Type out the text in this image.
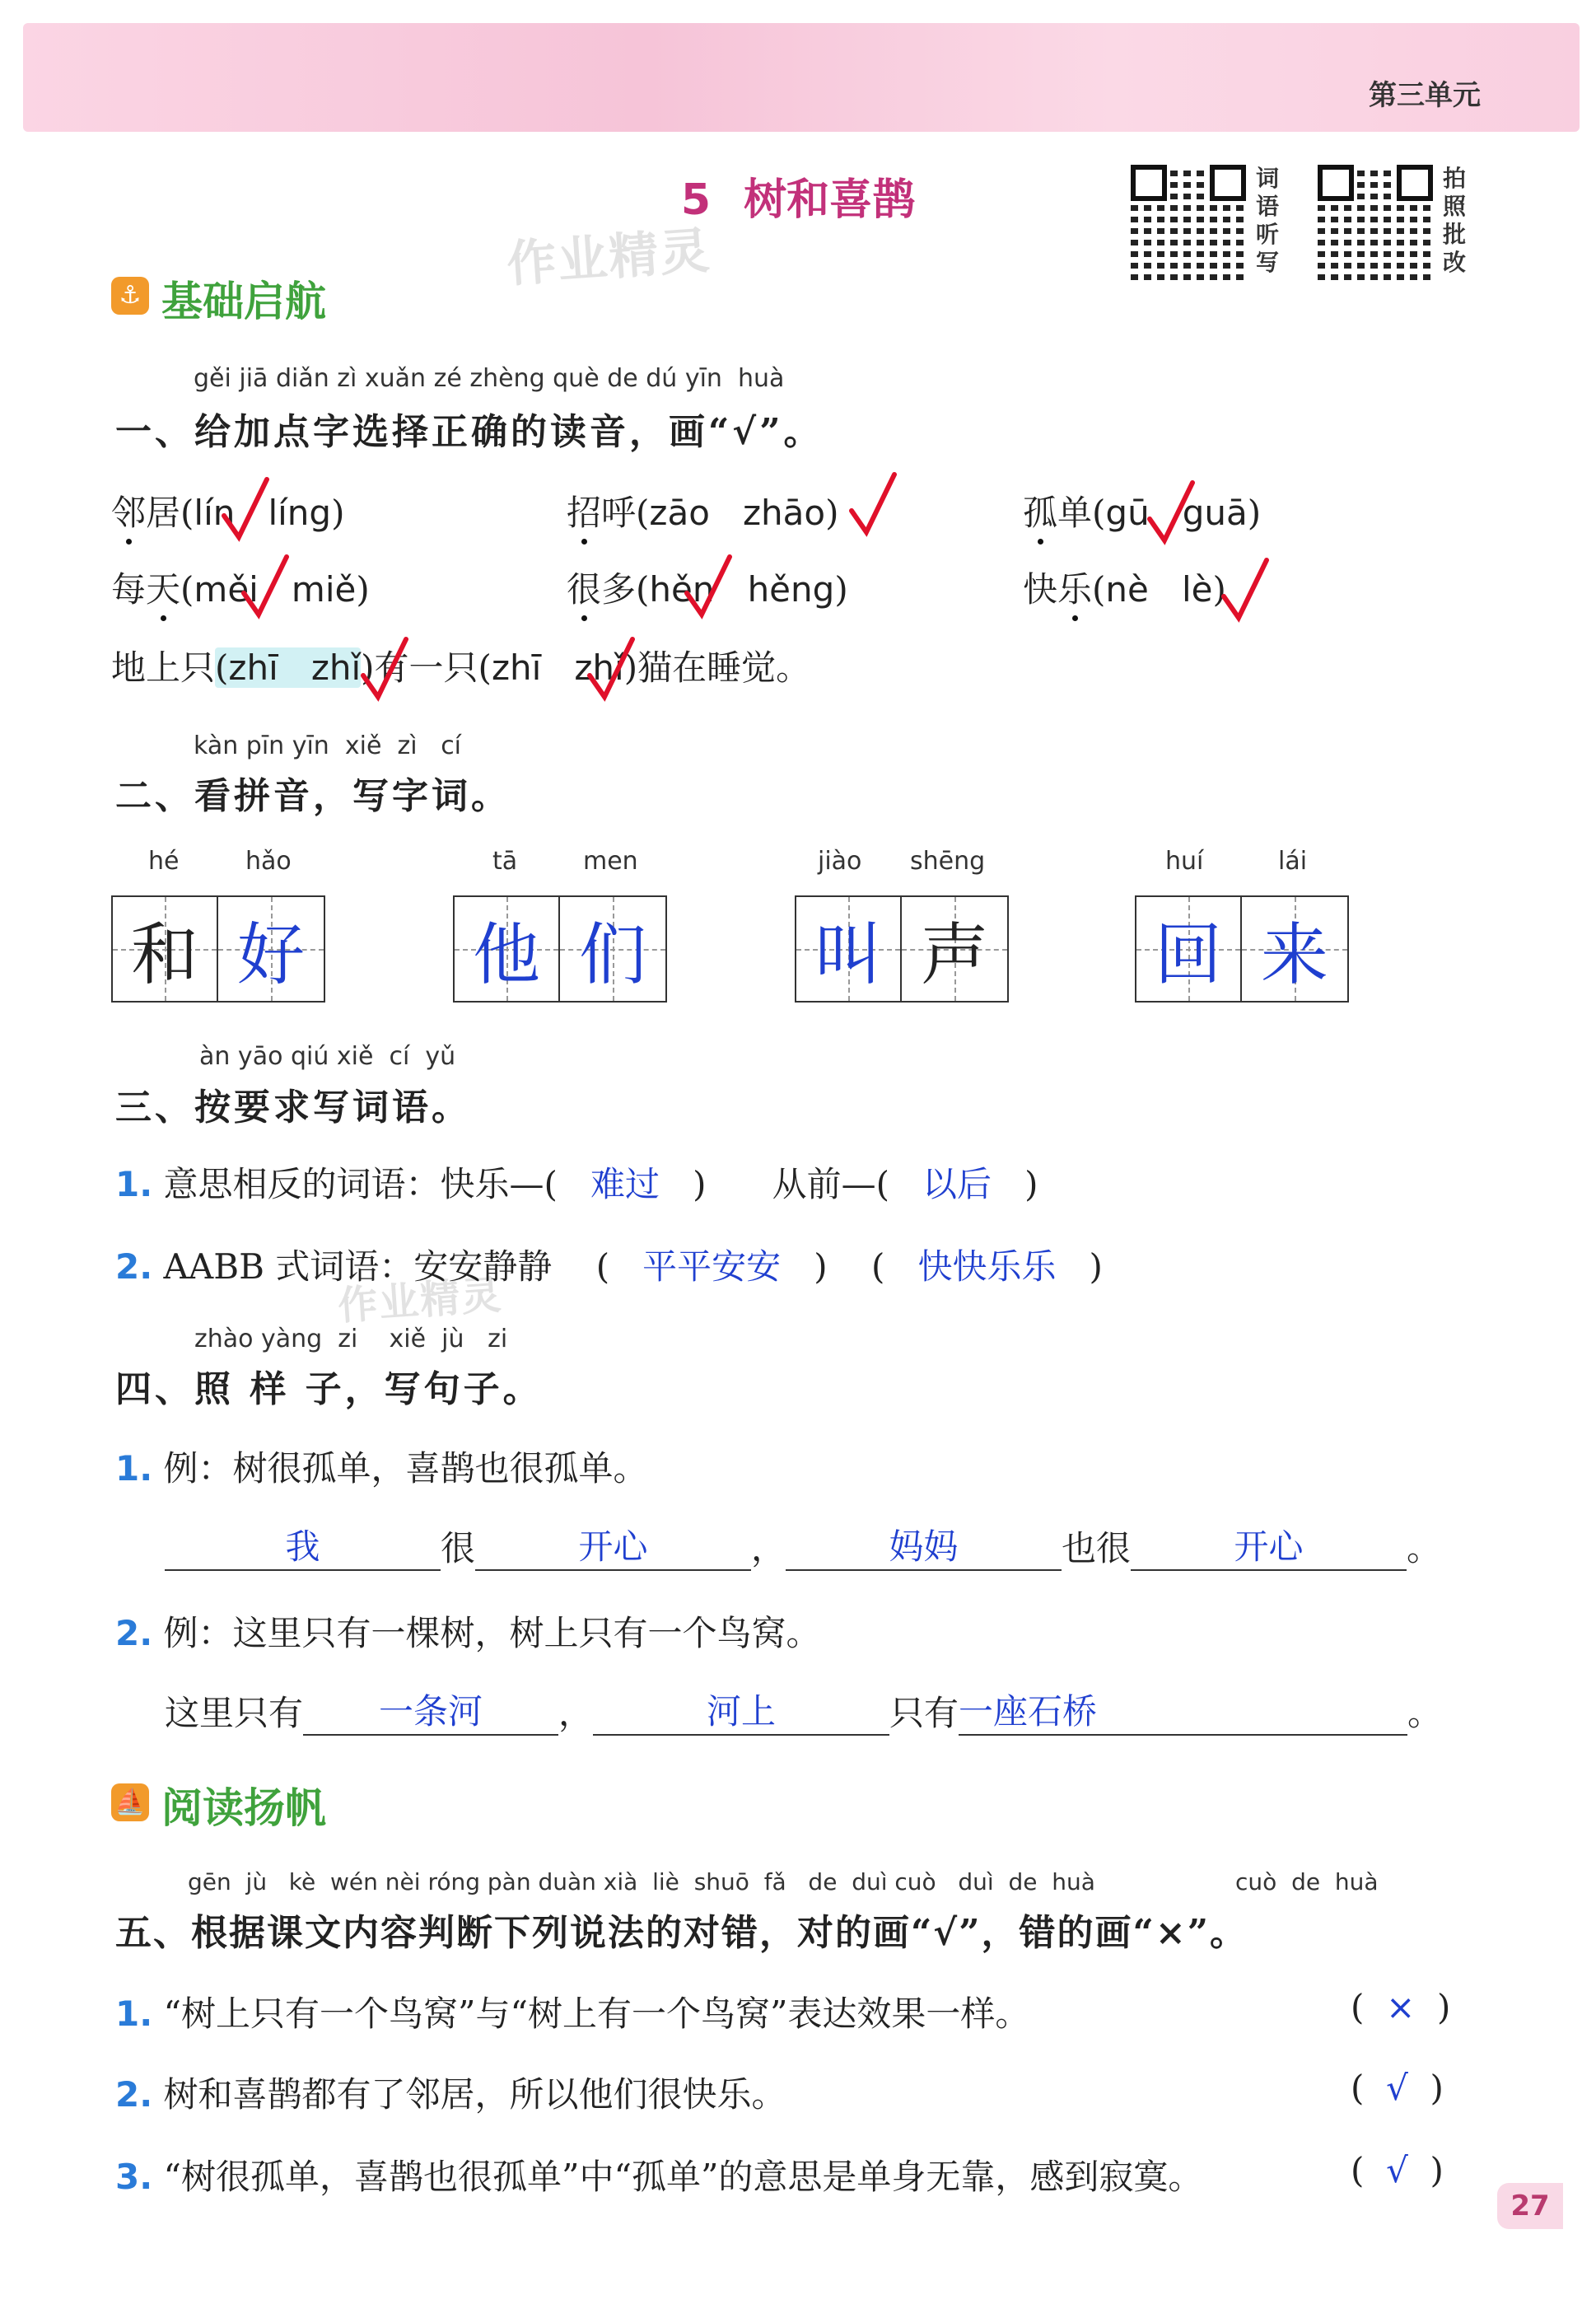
第三单元
5 树和喜鹊	词语听写
拍照批改
作业精灵
作业精灵
⚓ 基础启航
gěi jiā diǎn zì xuǎn zé zhèng què de dú yīn  huà
一、给加点字选择正确的读音，画“√”。
邻居(lín líng)	招呼(zāo zhāo)	孤单(gū guā)
每天(měi miě)	很多(hěn hěng)	快乐(nè lè)
地上只(zhī zhǐ)有一只(zhī zhǐ)猫在睡觉。
kàn pīn yīn  xiě  zì   cí
二、看拼音，写字词。
hé	hǎo
和 好
tā	men
他 们
jiào shēng
叫 声
huí	lái
回 来
àn yāo qiú xiě  cí  yǔ
三、按要求写词语。
1. 意思相反的词语：快乐—( 难过 )      从前—( 以后 )
2. AABB 式词语：安安静静    (   平平安安   )    (   快快乐乐   )
zhào yàng  zi    xiě  jù   zi
四、照 样 子，写句子。
1. 例：树很孤单，喜鹊也很孤单。
我	很	开心	，	妈妈	也很	开心	。
2. 例：这里只有一棵树，树上只有一个鸟窝。
这里只有	一条河	，	河上	只有 一座石桥	。
⛵ 阅读扬帆
gēn  jù   kè  wén nèi róng pàn duàn xià  liè  shuō  fǎ   de  duì cuò   duì  de  huà	cuò  de  huà
五、根据课文内容判断下列说法的对错，对的画“√”，错的画“×”。
1. “树上只有一个鸟窝”与“树上有一个鸟窝”表达效果一样。	(  ×  )
2. 树和喜鹊都有了邻居，所以他们很快乐。	(  √  )
3. “树很孤单，喜鹊也很孤单”中“孤单”的意思是单身无靠，感到寂寞。	(  √  )
27
